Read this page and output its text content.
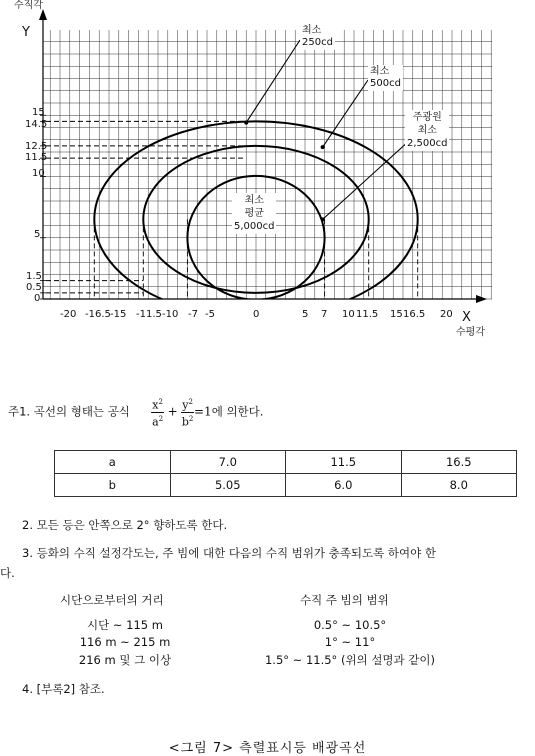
수직각
Y
X
수평각
15
14.5
12.5
11.5
10
5
1.5
0.5
0
-20 -16.5 -15 -11.5 -10 -7 -5	0	5 7 10 11.5 15 16.5 20
최소
250cd
최소
500cd
주광원
최소
2,500cd
최소
평균
5,000cd
주1. 곡선의 형태는 공식 $\frac{x^2}{a^2} + \frac{y^2}{b^2} =1$에 의한다.
a	7.0	11.5	16.5
b	5.05	6.0	8.0
2. 모든 등은 안쪽으로 2° 향하도록 한다.
3. 등화의 수직 설정각도는, 주 빔에 대한 다음의 수직 범위가 충족되도록 하여야 한
다.
시단으로부터의 거리	수직 주 빔의 범위
시단 ~ 115 m	0.5° ~ 10.5°
116 m ~ 215 m	1° ~ 11°
216 m 및 그 이상	1.5° ~ 11.5° (위의 설명과 같이)
4. [부록2] 참조.
<그림 7> 측렬표시등 배광곡선
